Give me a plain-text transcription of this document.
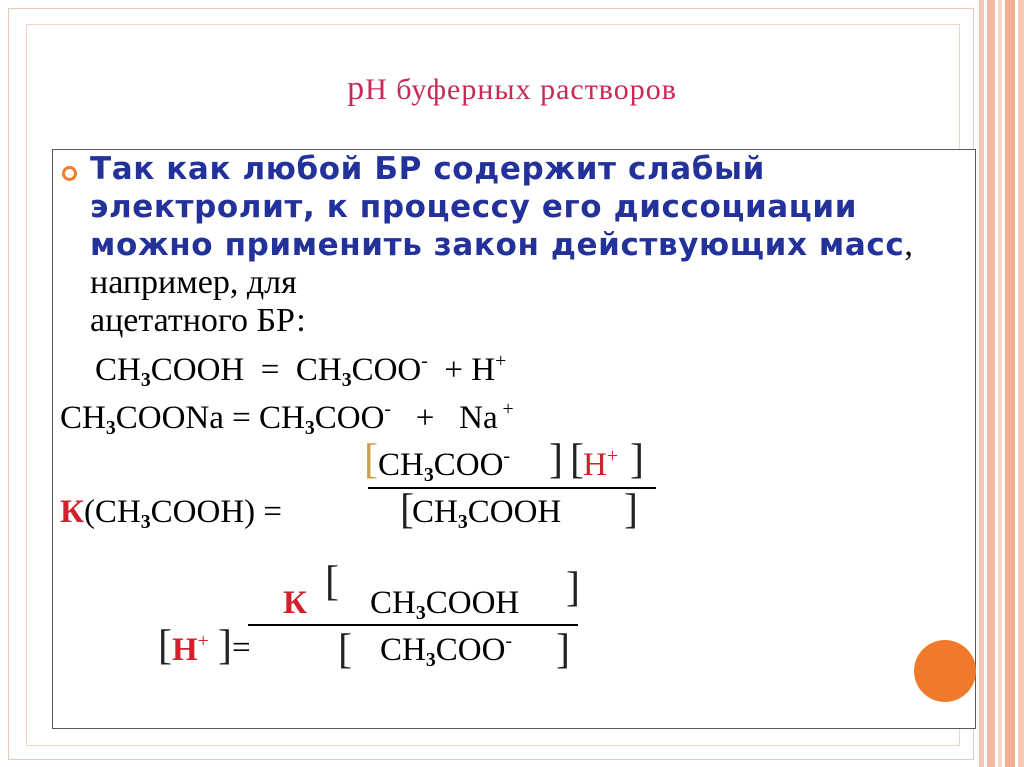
рН буферных растворов
Так как любой БР содержит слабый электролит, к процессу его диссоциации можно применить закон действующих масс, например, для
ацетатного БР:
$CH_3COOH = CH_3COO^- + H^+$
$CH_3COONa = CH_3COO^- + Na$ +
[ $CH_3COO^-$ ] [ H+ ]
$К(CH_3COOH)$ =	[
$CH_3COOH$ ]
К [ $CH_3COOH$ ]
[ H+ ] = [ $CH_3COO^-$ ]
